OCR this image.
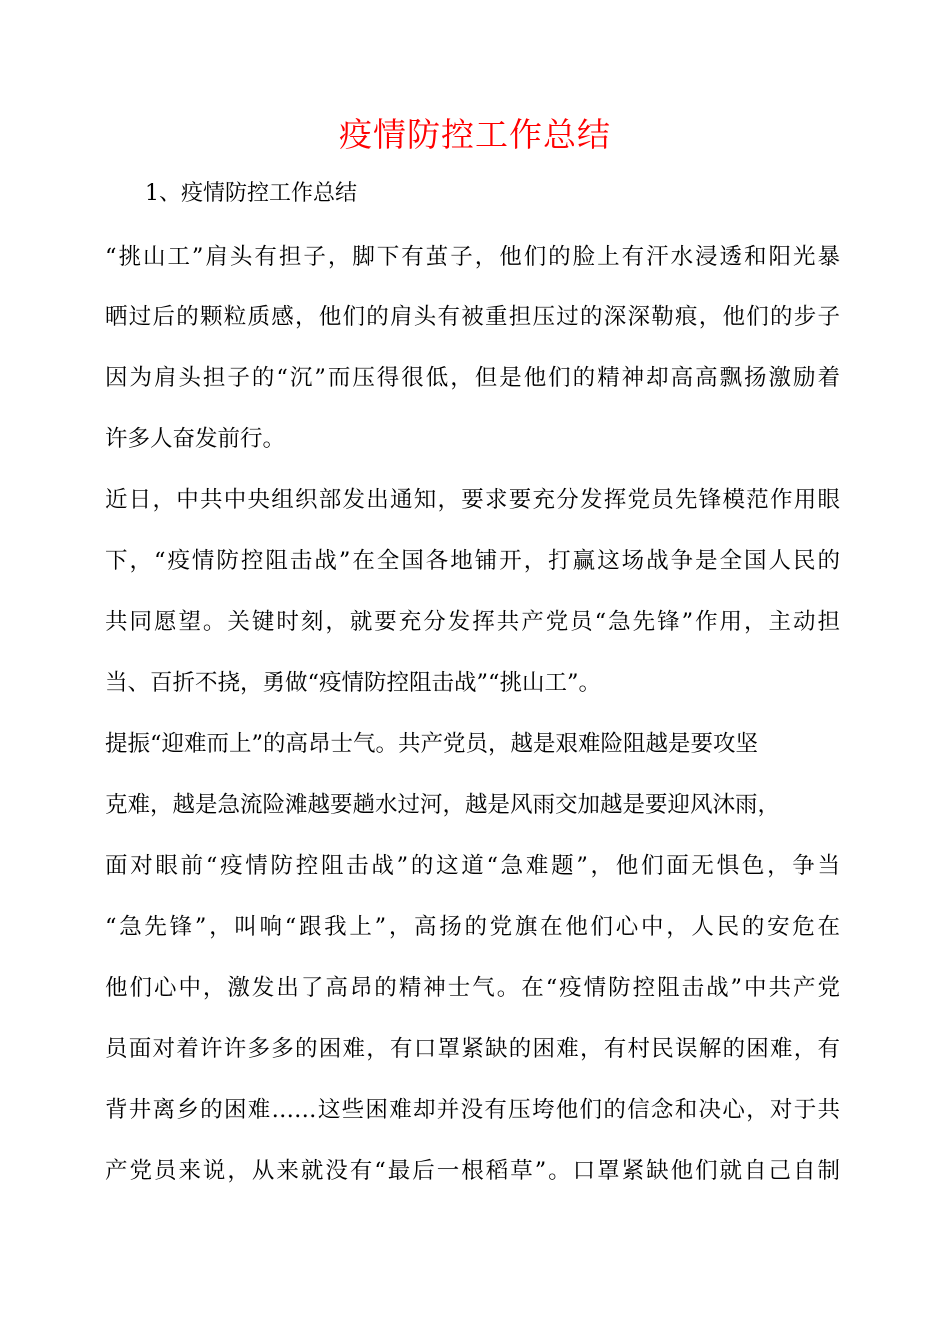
疫情防控工作总结

1、疫情防控工作总结

“挑山工”肩头有担子，脚下有茧子，他们的脸上有汗水浸透和阳光暴

晒过后的颗粒质感，他们的肩头有被重担压过的深深勒痕，他们的步子

因为肩头担子的“沉”而压得很低，但是他们的精神却高高飘扬激励着

许多人奋发前行。

近日，中共中央组织部发出通知，要求要充分发挥党员先锋模范作用眼

下，“疫情防控阻击战”在全国各地铺开，打赢这场战争是全国人民的

共同愿望。关键时刻，就要充分发挥共产党员“急先锋”作用，主动担

当、百折不挠，勇做“疫情防控阻击战”“挑山工”。

提振“迎难而上”的高昂士气。共产党员，越是艰难险阻越是要攻坚

克难，越是急流险滩越要趟水过河，越是风雨交加越是要迎风沐雨，

面对眼前“疫情防控阻击战”的这道“急难题”，他们面无惧色，争当

“急先锋”，叫响“跟我上”，高扬的党旗在他们心中，人民的安危在

他们心中，激发出了高昂的精神士气。在“疫情防控阻击战”中共产党

员面对着许许多多的困难，有口罩紧缺的困难，有村民误解的困难，有

背井离乡的困难……这些困难却并没有压垮他们的信念和决心，对于共

产党员来说，从来就没有“最后一根稻草”。口罩紧缺他们就自己自制
